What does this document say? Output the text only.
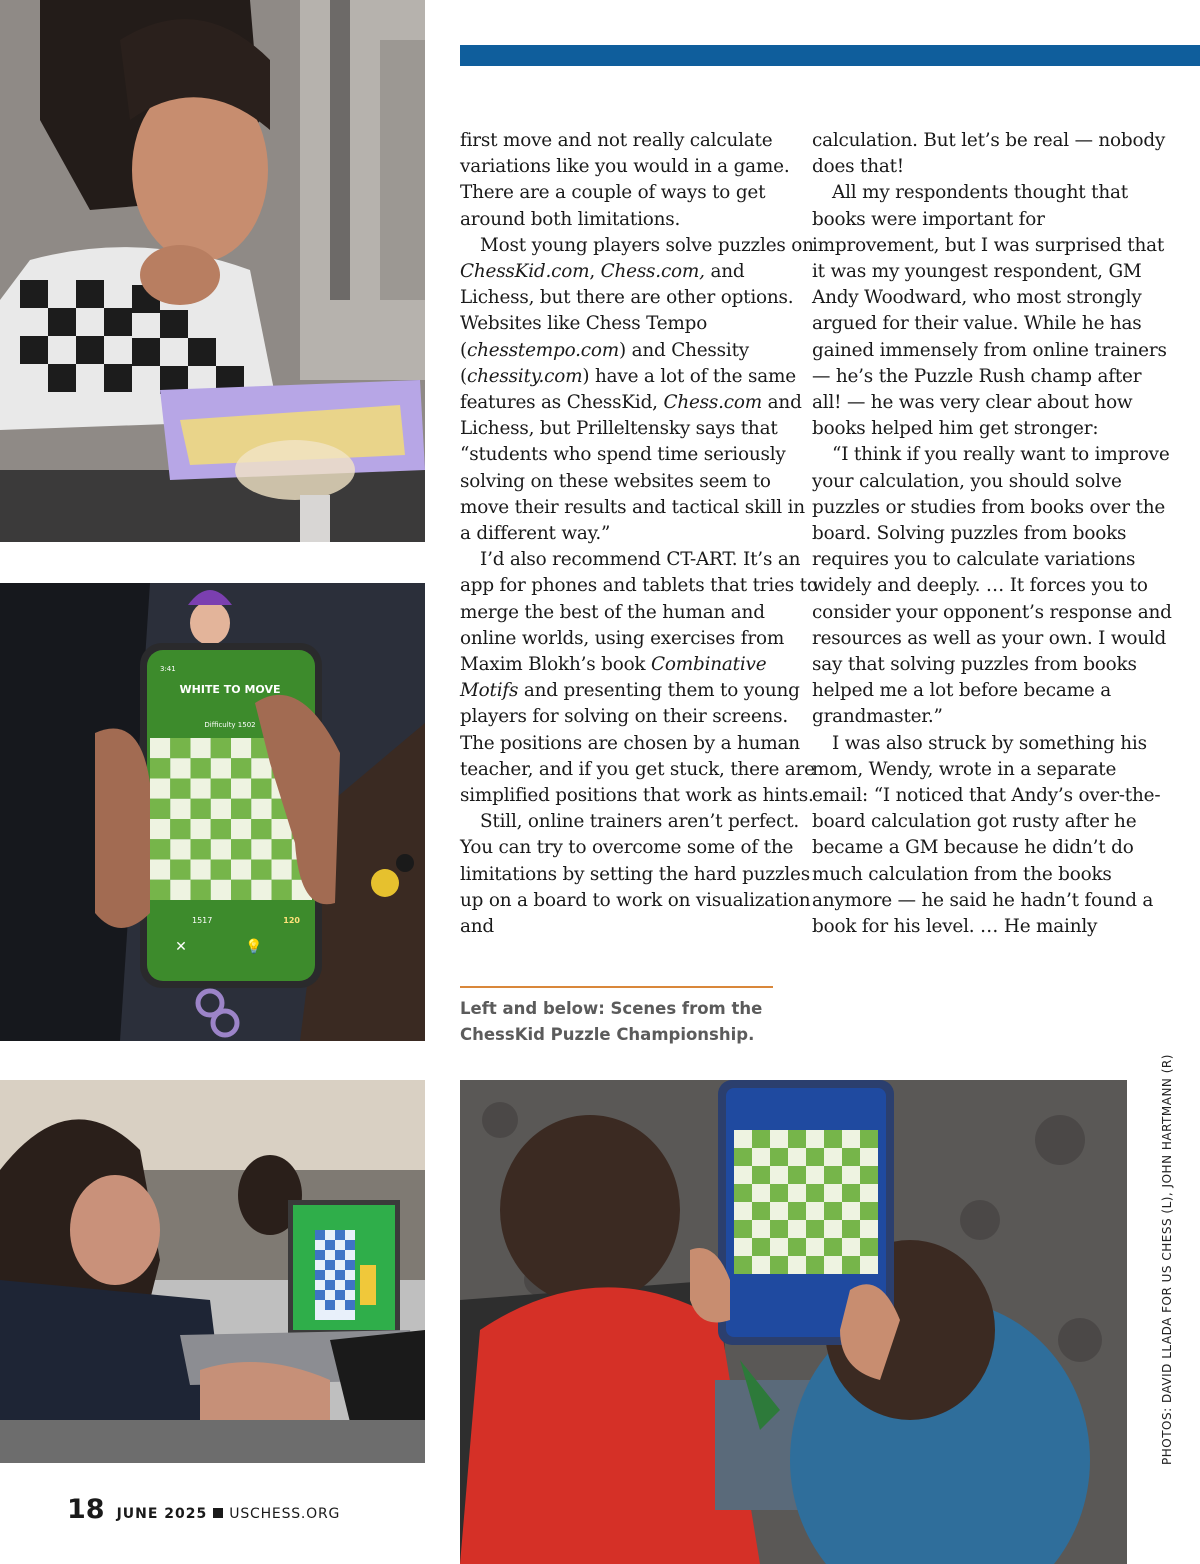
3:41
WHITE TO MOVE
Difficulty 1502
1517	120
✕	💡

first move and not really calculate variations like you would in a game. There are a couple of ways to get around both limitations.

Most young players solve puzzles on ChessKid.com, Chess.com, and Lichess, but there are other options. Websites like Chess Tempo (chesstempo.com) and Chessity (chessity.com) have a lot of the same features as ChessKid, Chess.com and Lichess, but Prilleltensky says that “students who spend time seriously solving on these websites seem to move their results and tactical skill in a different way.”

I’d also recommend CT-ART. It’s an app for phones and tablets that tries to merge the best of the human and online worlds, using exercises from Maxim Blokh’s book Combinative Motifs and presenting them to young players for solving on their screens. The positions are chosen by a human teacher, and if you get stuck, there are simplified positions that work as hints.

Still, online trainers aren’t perfect. You can try to overcome some of the limitations by setting the hard puzzles up on a board to work on visualization and

calculation. But let’s be real — nobody does that!

All my respondents thought that books were important for improvement, but I was surprised that it was my youngest respondent, GM Andy Woodward, who most strongly argued for their value. While he has gained immensely from online trainers — he’s the Puzzle Rush champ after all! — he was very clear about how books helped him get stronger:

“I think if you really want to improve your calculation, you should solve puzzles or studies from books over the board. Solving puzzles from books requires you to calculate variations widely and deeply. … It forces you to consider your opponent’s response and resources as well as your own. I would say that solving puzzles from books helped me a lot before became a grandmaster.”

I was also struck by something his mom, Wendy, wrote in a separate email: “I noticed that Andy’s over-the-board calculation got rusty after he became a GM because he didn’t do much calculation from the books anymore — he said he hadn’t found a book for his level. … He mainly

Left and below: Scenes from the ChessKid Puzzle Championship.
PHOTOS: DAVID LLADA FOR US CHESS (L), JOHN HARTMANN (R)
18 JUNE 2025 USCHESS.ORG
